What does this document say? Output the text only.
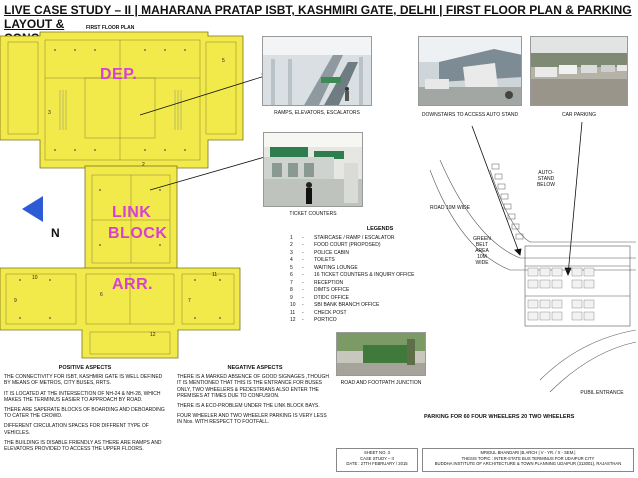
LIVE CASE STUDY – II | MAHARANA PRATAP ISBT, KASHMIRI GATE, DELHI | FIRST FLOOR PLAN & PARKING LAYOUT &	FIRST FLOOR PLAN
DEP.
LINK
BLOCK
ARR.
3
5
11
9
10
12
7
6
2
N
RAMPS, ELEVATORS, ESCALATORS
TICKET COUNTERS
DOWNSTAIRS TO ACCESS AUTO STAND	CAR PARKING
LEGENDS
1	-	STAIRCASE / RAMP / ESCALATOR
2	-	FOOD COURT (PROPOSED)
3	-	POLICE CABIN
4	-	TOILETS
5	-	WAITING LOUNGE
6	-	16 TICKET COUNTERS & INQUIRY OFFICE
7	-	RECEPTION
8	-	DIMTS OFFICE
9	-	DTIDC OFFICE
10	-	SBI BANK BRANCH OFFICE
11	-	CHECK POST
12	-	PORTICO
ROAD 10M WIDE
GREEN BELT AREA 10M WIDE
AUTO-STAND BELOW
PUBIL ENTRANCE
PARKING FOR 60 FOUR WHEELERS 20 TWO WHEELERS
ROAD AND FOOTPATH JUNCTION
POSITIVE ASPECTS

THE CONNECTIVITY FOR ISBT, KASHMIRI GATE IS WELL DEFINED BY MEANS OF METROS, CITY BUSES, RRTS.

IT IS LOCATED AT THE INTERSECTION OF NH-24 & NH-28, WHICH MAKES THE TERMINUS EASIER TO APPROACH BY ROAD.

THERE ARE SAPERATE BLOCKS OF BOARDING AND DEBOARDING TO CATER THE CROWD.

DIFFERENT CIRCULATION SPACES FOR DIFFRENT TYPE OF VEHICLES.

THE BUILDING IS DISABLE FRIENDLY AS THERE ARE RAMPS AND ELEVATORS PROVIDED TO ACCESS THE UPPER FLOORS.

NEGATIVE ASPECTS

THERE IS A MARKED ABSENCE OF GOOD SIGNAGES ,THOUGH IT IS MENTIONED THAT THIS IS THE ENTRANCE FOR BUSES ONLY, TWO WHEELERS & PEDESTRIANS ALSO ENTER THE PREMISES AT TIMES DUE TO CONFUSION.

THERE IS A ECO-PROBLEM UNDER THE LINK BLOCK BAYS.

FOUR WHEELER AND TWO WHEELER PARKING IS VERY LESS IN Nos. WITH RESPECT TO FOOTFALL.

SHEET NO. 3
CASE STUDY – II
DATE : 27TH FEBRUARY / 2015
MRIDUL BHANDARI |B.ARCH | V - YR. / X - SEM.|
THESIS TOPIC : INTER-STATE BUS TERMINUS FOR UDAIPUR CITY
BUDDHA INSTITUTE OF ARCHITECTURE & TOWN PLANNING UDAIPUR (313001), RAJASTHAN
